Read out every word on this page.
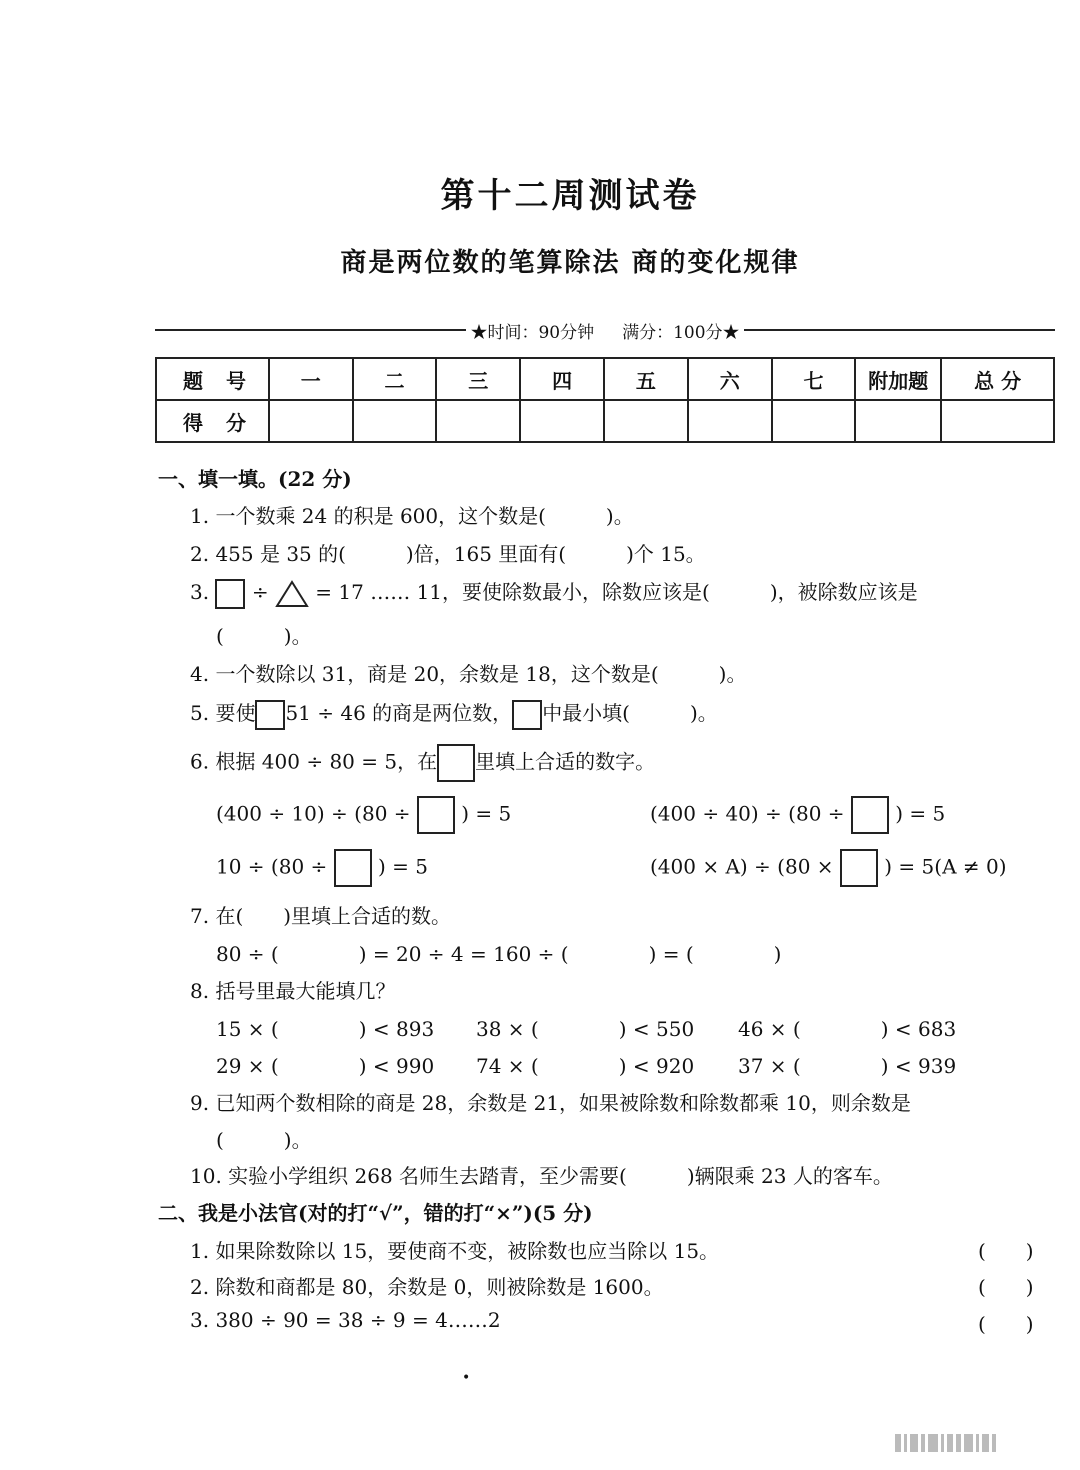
第十二周测试卷
商是两位数的笔算除法 商的变化规律
★时间：90分钟 满分：100分★
题 号	一	二	三	四	五	六	七	附加题	总 分
得 分									
一、填一填。(22 分)
1. 一个数乘 24 的积是 600，这个数是(　　　)。
2. 455 是 35 的(　　　)倍，165 里面有(　　　)个 15。
3. ÷ = 17 …… 11，要使除数最小，除数应该是(　　　)，被除数应该是
(　　　)。
4. 一个数除以 31，商是 20，余数是 18，这个数是(　　　)。
5. 要使 51 ÷ 46 的商是两位数， 中最小填(　　　)。
6. 根据 400 ÷ 80 = 5，在 里填上合适的数字。
(400 ÷ 10) ÷ (80 ÷	) = 5	(400 ÷ 40) ÷ (80 ÷	) = 5
10 ÷ (80 ÷	) = 5	(400 × A) ÷ (80 ×	) = 5(A ≠ 0)
7. 在(　　)里填上合适的数。
80 ÷ (　　　　) = 20 ÷ 4 = 160 ÷ (　　　　) = (　　　　)
8. 括号里最大能填几？
15 × (　　　　) < 893 38 × (　　　　) < 550 46 × (　　　　) < 683
29 × (　　　　) < 990 74 × (　　　　) < 920 37 × (　　　　) < 939
9. 已知两个数相除的商是 28，余数是 21，如果被除数和除数都乘 10，则余数是
(　　　)。
10. 实验小学组织 268 名师生去踏青，至少需要(　　　)辆限乘 23 人的客车。
二、我是小法官(对的打“√”，错的打“×”)(5 分)
1. 如果除数除以 15，要使商不变，被除数也应当除以 15。	(　　)
2. 除数和商都是 80，余数是 0，则被除数是 1600。	(　　)
3. 380 ÷ 90 = 38 ÷ 9 = 4……2	(　　)
•
